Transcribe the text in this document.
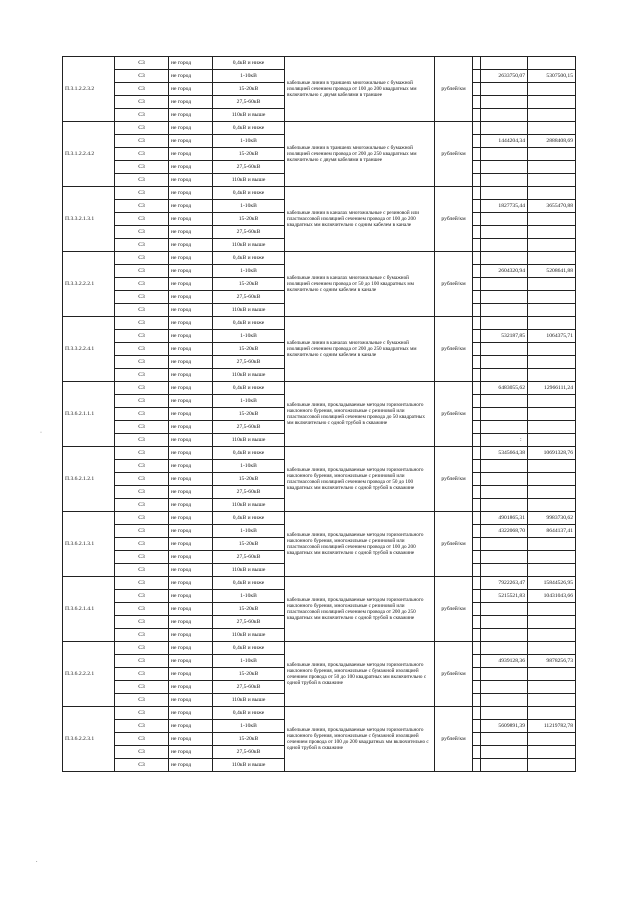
П.3.1.2.2.3.2	С3	не город	0,4кВ и ниже	кабельные линии в траншеях многожильные с бумажной изоляцией сечением провода от 100 до 200 квадратных мм включительно с двумя кабелями в траншее	рублей/км			
	С3	не город	1-10кВ				2633750,07	5307500,15
	С3	не город	15-20кВ					
	С3	не город	27,5-60кВ					
	С3	не город	110кВ и выше					
П.3.1.2.2.4.2	С3	не город	0,4кВ и ниже	кабельные линии в траншеях многожильные с бумажной изоляцией сечением провода от 200 до 250 квадратных мм включительно с двумя кабелями в траншее	рублей/км			
	С3	не город	1-10кВ				1444204,34	2888408,69
	С3	не город	15-20кВ					
	С3	не город	27,5-60кВ					
	С3	не город	110кВ и выше					
П.3.3.2.1.3.1	С3	не город	0,4кВ и ниже	кабельные линии в каналах многожильные с резиновой или пластмассовой изоляцией сечением провода от 100 до 200 квадратных мм включительно с одним кабелем в канале	рублей/км			
	С3	не город	1-10кВ				1827735,44	3655470,88
	С3	не город	15-20кВ					
	С3	не город	27,5-60кВ					
	С3	не город	110кВ и выше					
П.3.3.2.2.2.1	С3	не город	0,4кВ и ниже	кабельные линии в каналах многожильные с бумажной изоляцией сечением провода от 50 до 100 квадратных мм включительно с одним кабелем в канале	рублей/км			
	С3	не город	1-10кВ				2604320,94	5208641,88
	С3	не город	15-20кВ					
	С3	не город	27,5-60кВ					
	С3	не город	110кВ и выше					
П.3.3.2.2.4.1	С3	не город	0,4кВ и ниже	кабельные линии в каналах многожильные с бумажной изоляцией сечением провода от 200 до 250 квадратных мм включительно с одним кабелем в канале	рублей/км			
	С3	не город	1-10кВ				532187,85	1064375,71
	С3	не город	15-20кВ					
	С3	не город	27,5-60кВ					
	С3	не город	110кВ и выше					
П.3.6.2.1.1.1	С3	не город	0,4кВ и ниже	кабельные линии, прокладываемые методом горизонтального наклонного бурения, многожильные с резиновой или пластмассовой изоляцией сечением провода до 50 квадратных мм включительно с одной трубой в скважине	рублей/км		6483055,62	12966111,24
	С3	не город	1-10кВ					
	С3	не город	15-20кВ					
	С3	не город	27,5-60кВ					
	С3	не город	110кВ и выше					
П.3.6.2.1.2.1	С3	не город	0,4кВ и ниже	кабельные линии, прокладываемые методом горизонтального наклонного бурения, многожильные с резиновой или пластмассовой изоляцией сечением провода от 50 до 100 квадратных мм включительно с одной трубой в скважине	рублей/км		5345664,38	10691328,76
	С3	не город	1-10кВ					
	С3	не город	15-20кВ					
	С3	не город	27,5-60кВ					
	С3	не город	110кВ и выше					
П.3.6.2.1.3.1	С3	не город	0,4кВ и ниже	кабельные линии, прокладываемые методом горизонтального наклонного бурения, многожильные с резиновой или пластмассовой изоляцией сечением провода от 100 до 200 квадратных мм включительно с одной трубой в скважине	рублей/км		4901865,31	9983730,62
	С3	не город	1-10кВ				4322068,70	8644137,41
	С3	не город	15-20кВ					
	С3	не город	27,5-60кВ					
	С3	не город	110кВ и выше					
П.3.6.2.1.4.1	С3	не город	0,4кВ и ниже	кабельные линии, прокладываемые методом горизонтального наклонного бурения, многожильные с резиновой или пластмассовой изоляцией сечением провода от 200 до 250 квадратных мм включительно с одной трубой в скважине	рублей/км		7922263,47	15844526,95
	С3	не город	1-10кВ				5215521,83	10431043,66
	С3	не город	15-20кВ					
	С3	не город	27,5-60кВ					
	С3	не город	110кВ и выше					
П.3.6.2.2.2.1	С3	не город	0,4кВ и ниже	кабельные линии, прокладываемые методом горизонтального наклонного бурения, многожильные с бумажной изоляцией сечением провода от 50 до 100 квадратных мм включительно с одной трубой в скважине	рублей/км			
	С3	не город	1-10кВ				4939128,36	9878256,73
	С3	не город	15-20кВ					
	С3	не город	27,5-60кВ					
	С3	не город	110кВ и выше					
П.3.6.2.2.3.1	С3	не город	0,4кВ и ниже	кабельные линии, прокладываемые методом горизонтального наклонного бурения, многожильные с бумажной изоляцией сечением провода от 100 до 200 квадратных мм включительно с одной трубой в скважине	рублей/км			
	С3	не город	1-10кВ				5609891,39	11219782,78
	С3	не город	15-20кВ					
	С3	не город	27,5-60кВ					
	С3	не город	110кВ и выше					
·
:
.
